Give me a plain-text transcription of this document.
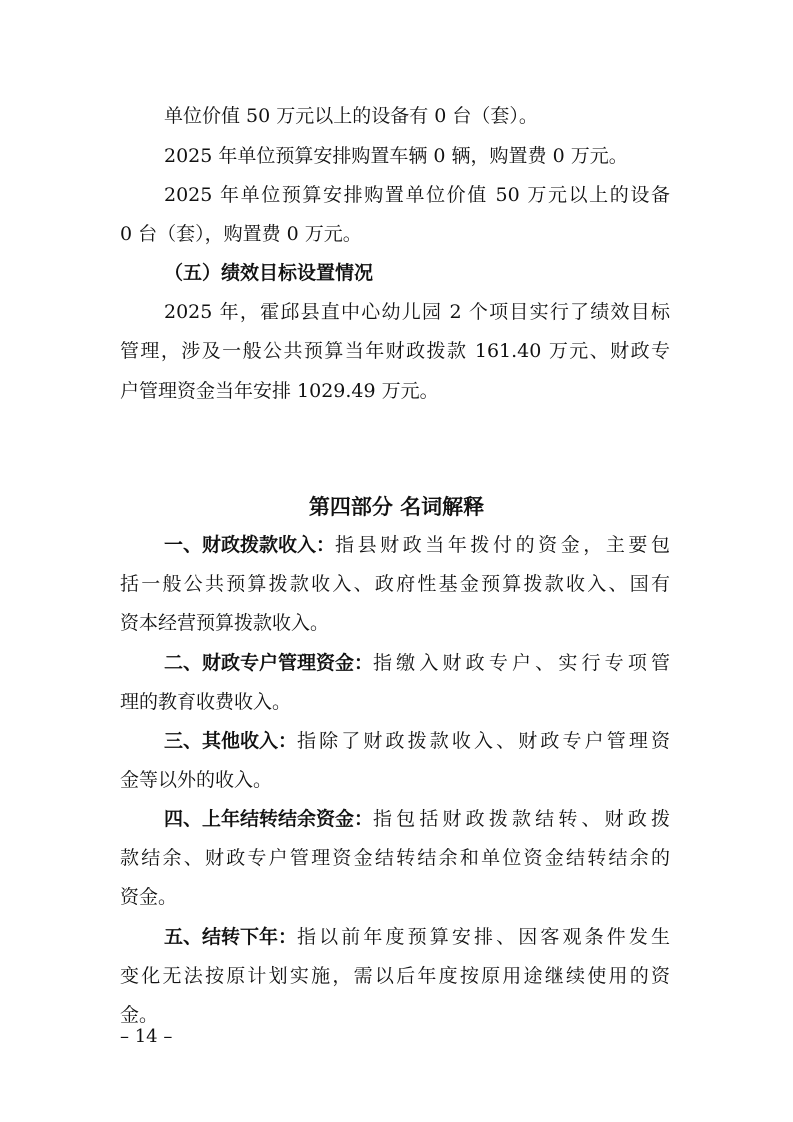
单位价值 50 万元以上的设备有 0 台（套）。
2025 年单位预算安排购置车辆 0 辆，购置费 0 万元。
2025 年单位预算安排购置单位价值 50 万元以上的设备
0 台（套），购置费 0 万元。
（五）绩效目标设置情况
2025 年，霍邱县直中心幼儿园 2 个项目实行了绩效目标
管理，涉及一般公共预算当年财政拨款 161.40 万元、财政专
户管理资金当年安排 1029.49 万元。
第四部分 名词解释
一、财政拨款收入： 指县财政当年拨付的资金，主要包
括一般公共预算拨款收入、政府性基金预算拨款收入、国有
资本经营预算拨款收入。
二、财政专户管理资金： 指缴入财政专户、实行专项管
理的教育收费收入。
三、其他收入： 指除了财政拨款收入、财政专户管理资
金等以外的收入。
四、上年结转结余资金： 指包括财政拨款结转、财政拨
款结余、财政专户管理资金结转结余和单位资金结转结余的
资金。
五、结转下年： 指以前年度预算安排、因客观条件发生
变化无法按原计划实施，需以后年度按原用途继续使用的资
金。
– 14 –
